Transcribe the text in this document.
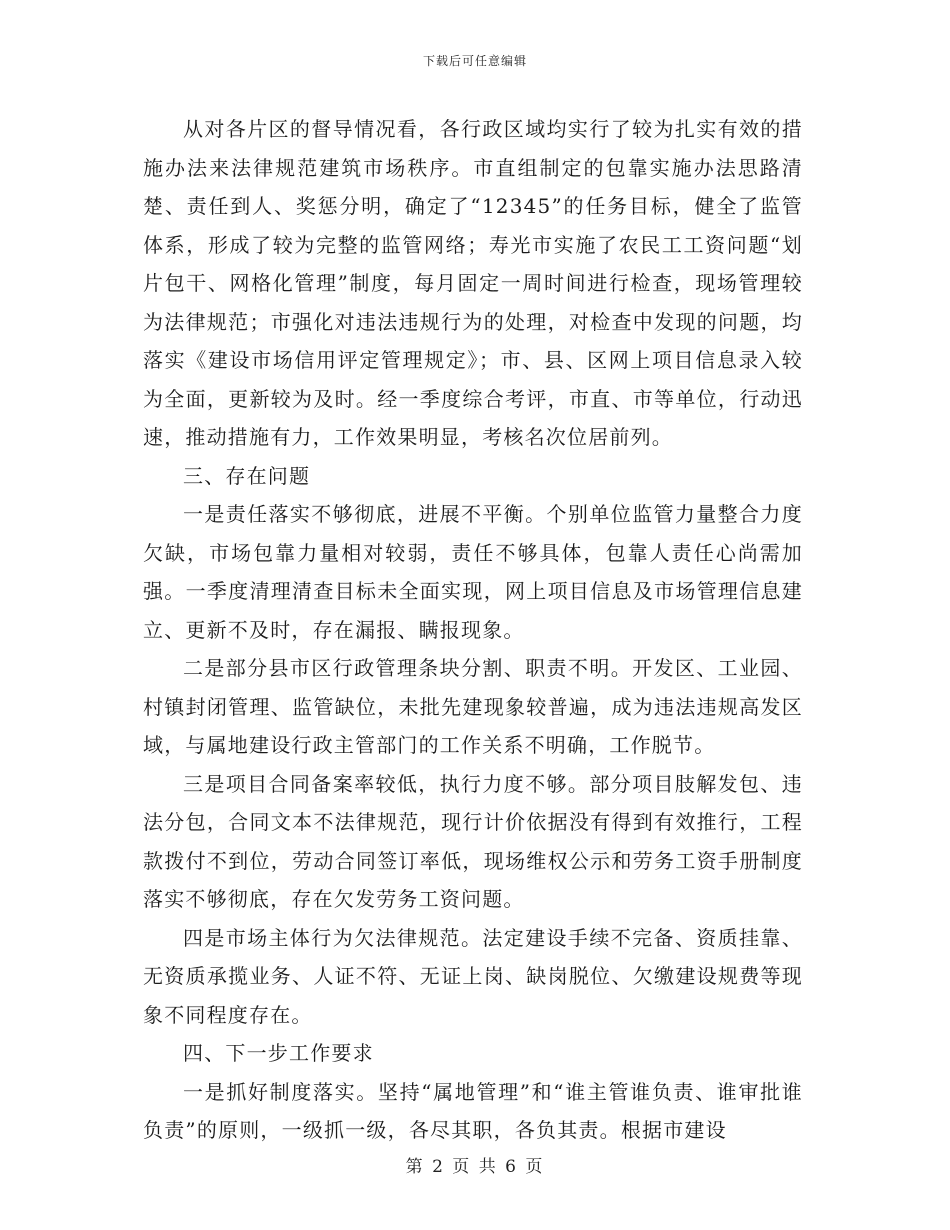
下载后可任意编辑

从对各片区的督导情况看，各行政区域均实行了较为扎实有效的措施办法来法律规范建筑市场秩序。市直组制定的包靠实施办法思路清楚、责任到人、奖惩分明，确定了“12345”的任务目标，健全了监管体系，形成了较为完整的监管网络；寿光市实施了农民工工资问题“划片包干、网格化管理”制度，每月固定一周时间进行检查，现场管理较为法律规范；市强化对违法违规行为的处理，对检查中发现的问题，均落实《建设市场信用评定管理规定》；市、县、区网上项目信息录入较为全面，更新较为及时。经一季度综合考评，市直、市等单位，行动迅速，推动措施有力，工作效果明显，考核名次位居前列。

三、存在问题

一是责任落实不够彻底，进展不平衡。个别单位监管力量整合力度欠缺，市场包靠力量相对较弱，责任不够具体，包靠人责任心尚需加强。一季度清理清查目标未全面实现，网上项目信息及市场管理信息建立、更新不及时，存在漏报、瞒报现象。

二是部分县市区行政管理条块分割、职责不明。开发区、工业园、村镇封闭管理、监管缺位，未批先建现象较普遍，成为违法违规高发区域，与属地建设行政主管部门的工作关系不明确，工作脱节。

三是项目合同备案率较低，执行力度不够。部分项目肢解发包、违法分包，合同文本不法律规范，现行计价依据没有得到有效推行，工程款拨付不到位，劳动合同签订率低，现场维权公示和劳务工资手册制度落实不够彻底，存在欠发劳务工资问题。

四是市场主体行为欠法律规范。法定建设手续不完备、资质挂靠、无资质承揽业务、人证不符、无证上岗、缺岗脱位、欠缴建设规费等现象不同程度存在。

四、下一步工作要求

一是抓好制度落实。坚持“属地管理”和“谁主管谁负责、谁审批谁负责”的原则，一级抓一级，各尽其职，各负其责。根据市建设

第 2 页 共 6 页
